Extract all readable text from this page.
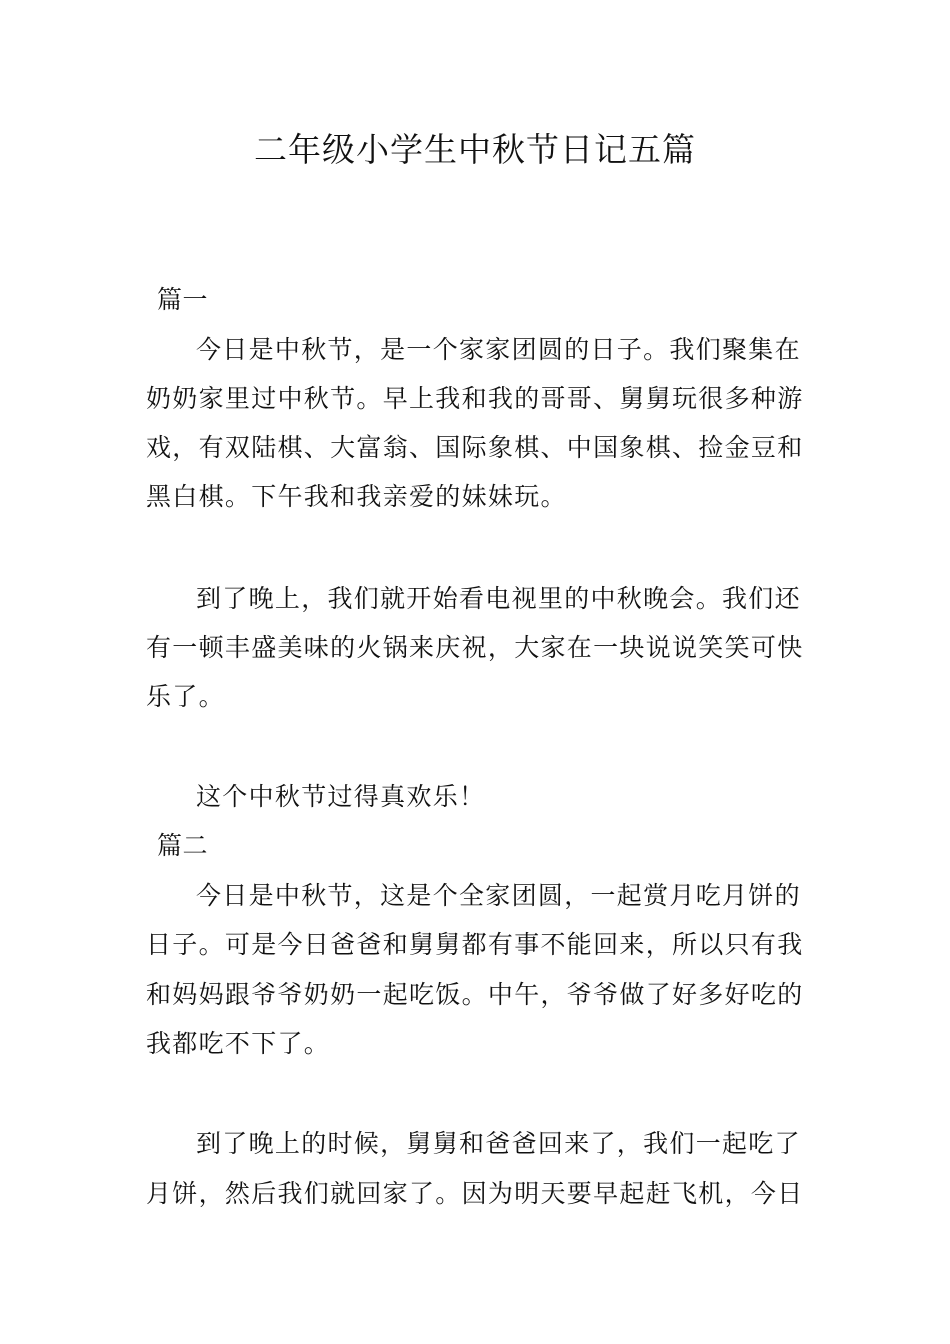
二年级小学生中秋节日记五篇
篇一
今日是中秋节，是一个家家团圆的日子。我们聚集在
奶奶家里过中秋节。早上我和我的哥哥、舅舅玩很多种游
戏，有双陆棋、大富翁、国际象棋、中国象棋、捡金豆和
黑白棋。下午我和我亲爱的妹妹玩。
到了晚上，我们就开始看电视里的中秋晚会。我们还
有一顿丰盛美味的火锅来庆祝，大家在一块说说笑笑可快
乐了。
这个中秋节过得真欢乐！
篇二
今日是中秋节，这是个全家团圆，一起赏月吃月饼的
日子。可是今日爸爸和舅舅都有事不能回来，所以只有我
和妈妈跟爷爷奶奶一起吃饭。中午，爷爷做了好多好吃的
我都吃不下了。
到了晚上的时候，舅舅和爸爸回来了，我们一起吃了
月饼，然后我们就回家了。因为明天要早起赶飞机，今日
